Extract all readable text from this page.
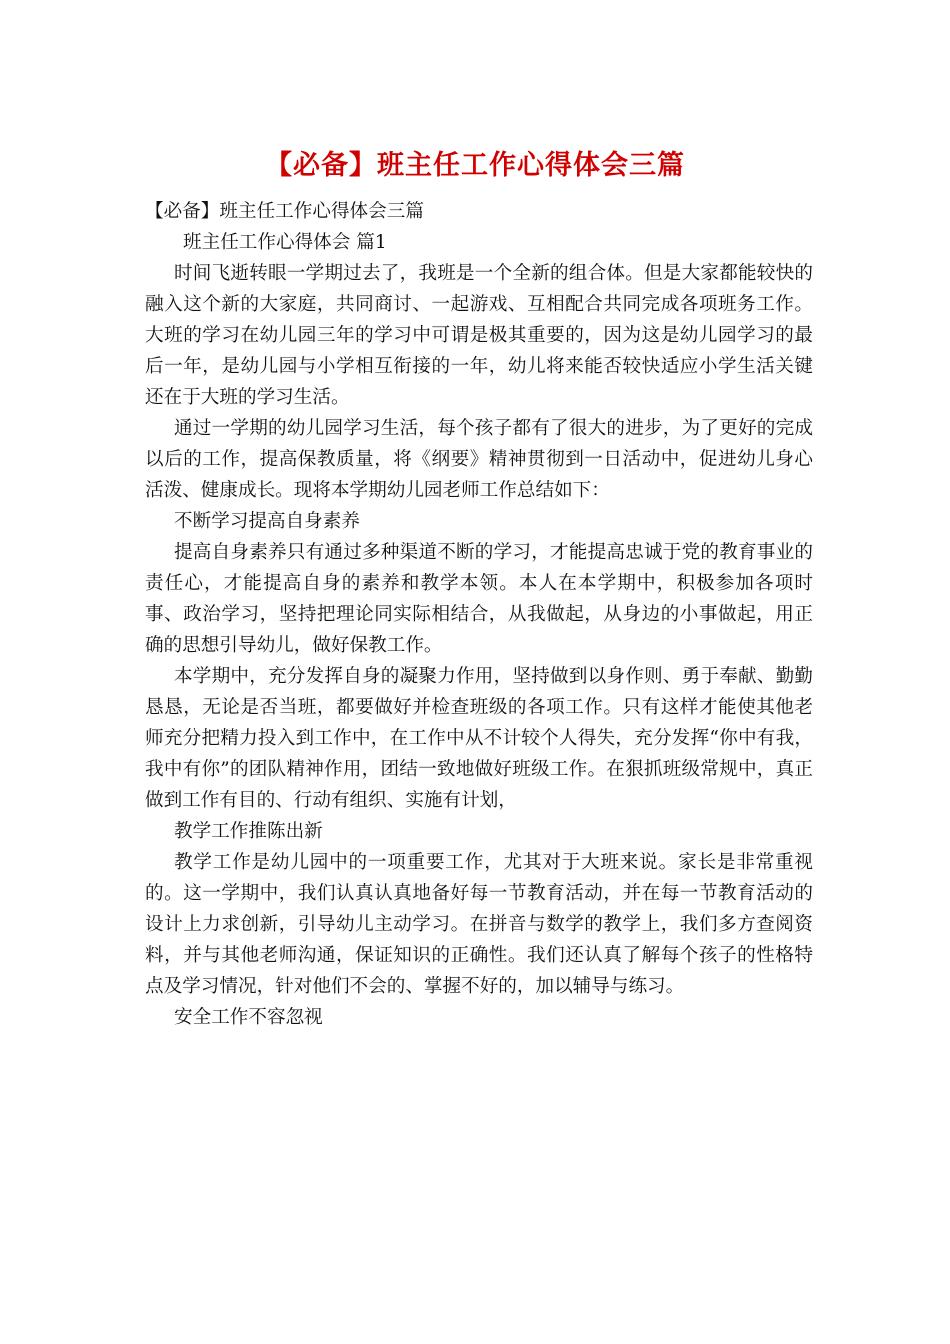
【必备】班主任工作心得体会三篇

【必备】班主任工作心得体会三篇

班主任工作心得体会 篇1

时间飞逝转眼一学期过去了，我班是一个全新的组合体。但是大家都能较快的融入这个新的大家庭，共同商讨、一起游戏、互相配合共同完成各项班务工作。大班的学习在幼儿园三年的学习中可谓是极其重要的，因为这是幼儿园学习的最后一年，是幼儿园与小学相互衔接的一年，幼儿将来能否较快适应小学生活关键还在于大班的学习生活。

通过一学期的幼儿园学习生活，每个孩子都有了很大的进步，为了更好的完成以后的工作，提高保教质量，将《纲要》精神贯彻到一日活动中，促进幼儿身心活泼、健康成长。现将本学期幼儿园老师工作总结如下：

不断学习提高自身素养

提高自身素养只有通过多种渠道不断的学习，才能提高忠诚于党的教育事业的责任心，才能提高自身的素养和教学本领。本人在本学期中，积极参加各项时事、政治学习，坚持把理论同实际相结合，从我做起，从身边的小事做起，用正确的思想引导幼儿，做好保教工作。

本学期中，充分发挥自身的凝聚力作用，坚持做到以身作则、勇于奉献、勤勤恳恳，无论是否当班，都要做好并检查班级的各项工作。只有这样才能使其他老师充分把精力投入到工作中，在工作中从不计较个人得失，充分发挥“你中有我，我中有你”的团队精神作用，团结一致地做好班级工作。在狠抓班级常规中，真正做到工作有目的、行动有组织、实施有计划，

教学工作推陈出新

教学工作是幼儿园中的一项重要工作，尤其对于大班来说。家长是非常重视的。这一学期中，我们认真认真地备好每一节教育活动，并在每一节教育活动的设计上力求创新，引导幼儿主动学习。在拼音与数学的教学上，我们多方查阅资料，并与其他老师沟通，保证知识的正确性。我们还认真了解每个孩子的性格特点及学习情况，针对他们不会的、掌握不好的，加以辅导与练习。

安全工作不容忽视
